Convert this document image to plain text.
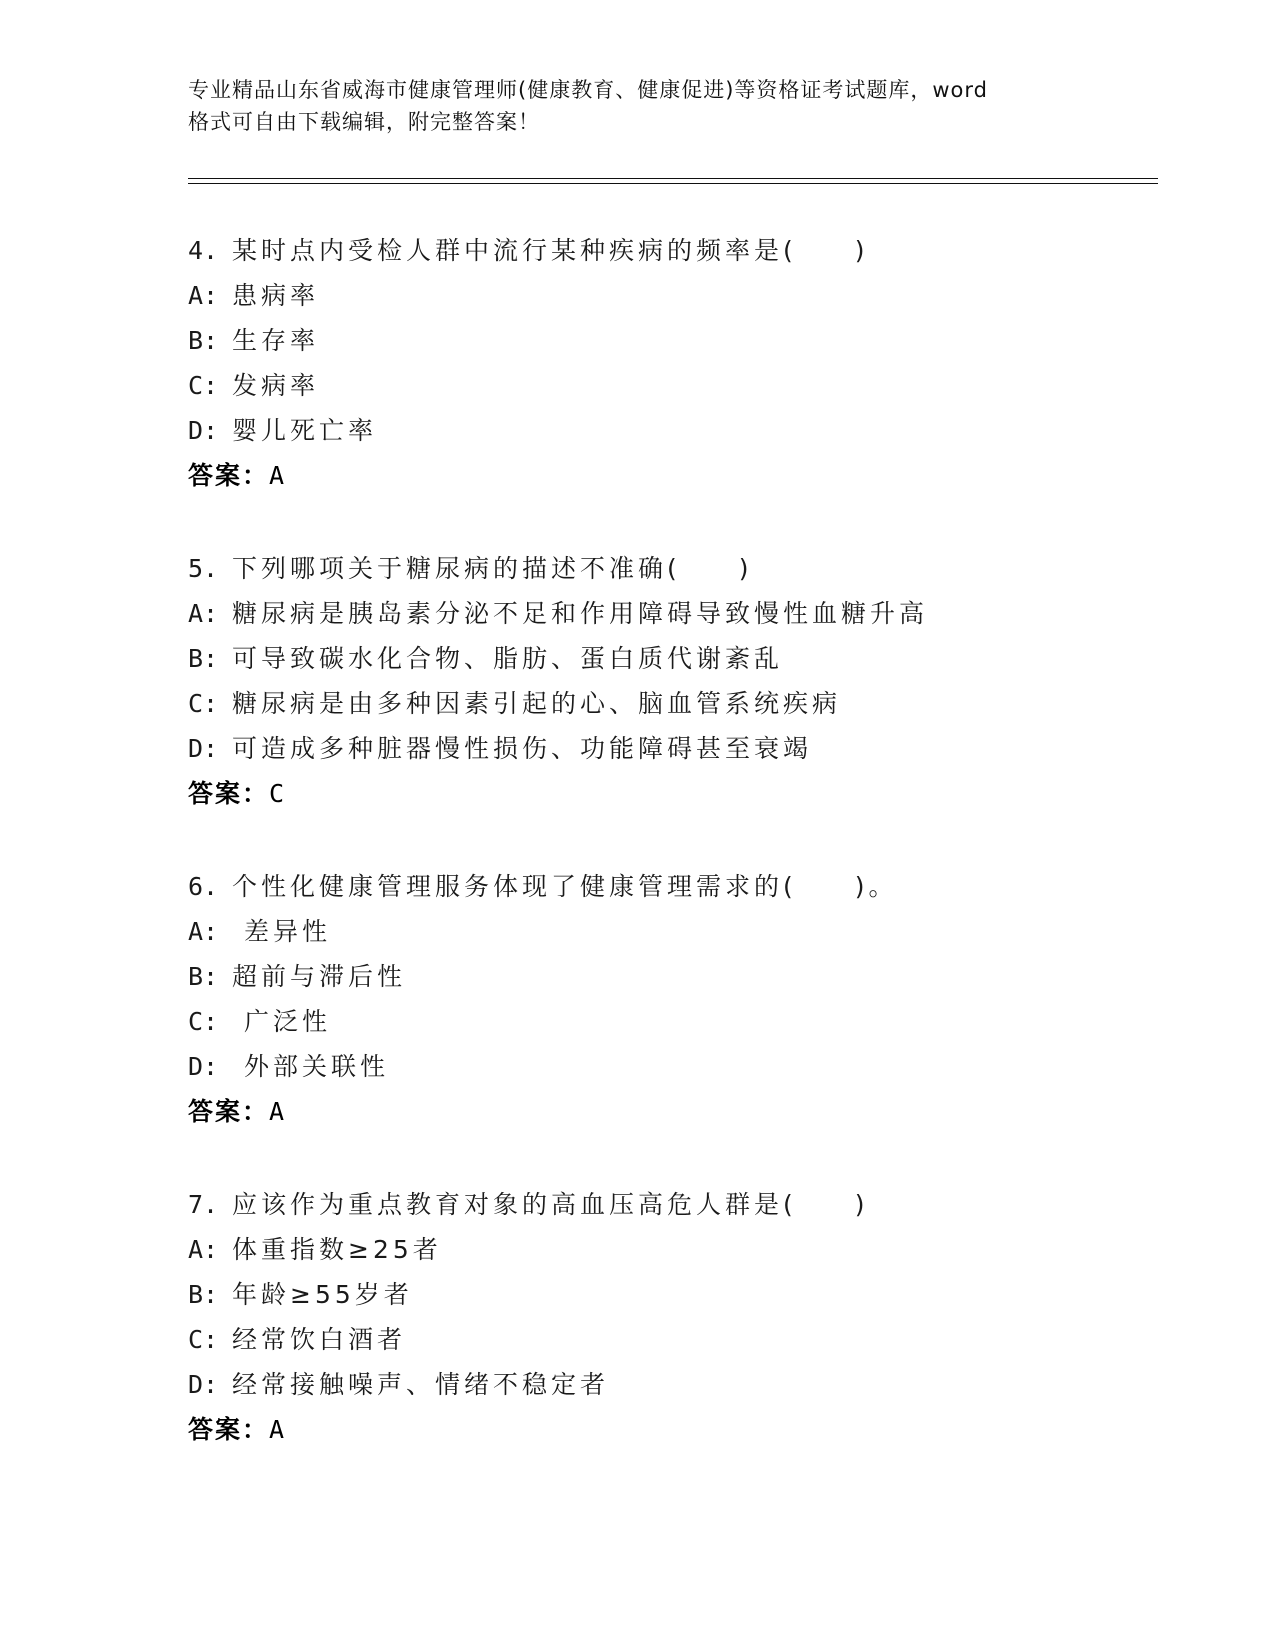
专业精品山东省威海市健康管理师(健康教育、健康促进)等资格证考试题库，word
格式可自由下载编辑，附完整答案！
4. 某时点内受检人群中流行某种疾病的频率是(　　)
A: 患病率
B: 生存率
C: 发病率
D: 婴儿死亡率
答案：A
5. 下列哪项关于糖尿病的描述不准确(　　)
A: 糖尿病是胰岛素分泌不足和作用障碍导致慢性血糖升高
B: 可导致碳水化合物、脂肪、蛋白质代谢紊乱
C: 糖尿病是由多种因素引起的心、脑血管系统疾病
D: 可造成多种脏器慢性损伤、功能障碍甚至衰竭
答案：C
6. 个性化健康管理服务体现了健康管理需求的(　　)。
A: 差异性
B: 超前与滞后性
C: 广泛性
D: 外部关联性
答案：A
7. 应该作为重点教育对象的高血压高危人群是(　　)
A: 体重指数≥25者
B: 年龄≥55岁者
C: 经常饮白酒者
D: 经常接触噪声、情绪不稳定者
答案：A
